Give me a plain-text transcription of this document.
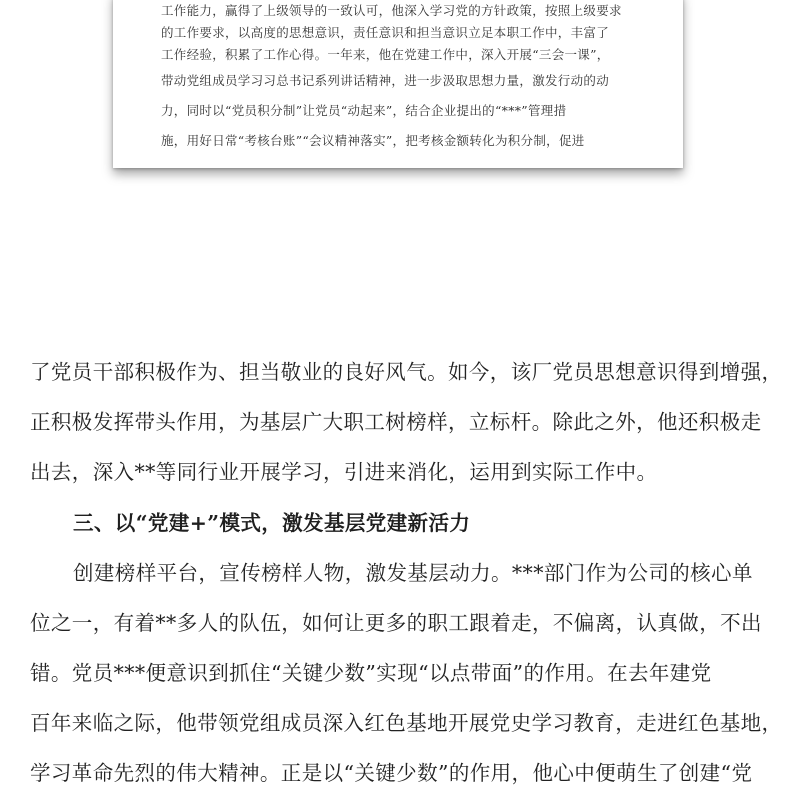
工作能力，赢得了上级领导的一致认可，他深入学习党的方针政策，按照上级要求
的工作要求，以高度的思想意识，责任意识和担当意识立足本职工作中，丰富了
工作经验，积累了工作心得。一年来，他在党建工作中，深入开展“三会一课”，
带动党组成员学习习总书记系列讲话精神，进一步汲取思想力量，激发行动的动
力，同时以“党员积分制”让党员“动起来”，结合企业提出的“***”管理措
施，用好日常“考核台账”“会议精神落实”，把考核金额转化为积分制，促进
了党员干部积极作为、担当敬业的良好风气。如今，该厂党员思想意识得到增强，
正积极发挥带头作用，为基层广大职工树榜样，立标杆。除此之外，他还积极走
出去，深入**等同行业开展学习，引进来消化，运用到实际工作中。
三、以“党建+”模式，激发基层党建新活力
创建榜样平台，宣传榜样人物，激发基层动力。***部门作为公司的核心单
位之一，有着**多人的队伍，如何让更多的职工跟着走，不偏离，认真做，不出
错。党员***便意识到抓住“关键少数”实现“以点带面”的作用。在去年建党
百年来临之际，他带领党组成员深入红色基地开展党史学习教育，走进红色基地，
学习革命先烈的伟大精神。正是以“关键少数”的作用，他心中便萌生了创建“党
